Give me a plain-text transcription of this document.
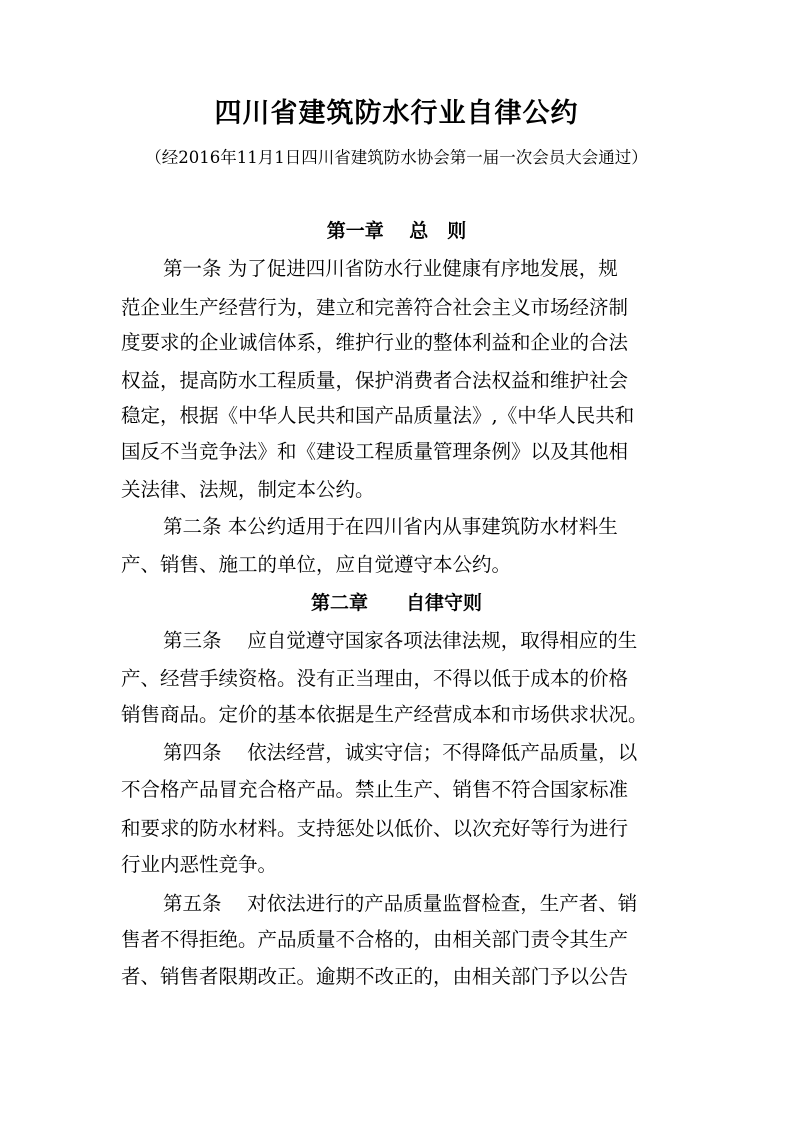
四川省建筑防水行业自律公约
（经2016年11月1日四川省建筑防水协会第一届一次会员大会通过）
第一章　 总　则
第一条 为了促进四川省防水行业健康有序地发展，规
范企业生产经营行为，建立和完善符合社会主义市场经济制
度要求的企业诚信体系，维护行业的整体利益和企业的合法
权益，提高防水工程质量，保护消费者合法权益和维护社会
稳定，根据《中华人民共和国产品质量法》,《中华人民共和
国反不当竞争法》和《建设工程质量管理条例》以及其他相
关法律、法规，制定本公约。
第二条 本公约适用于在四川省内从事建筑防水材料生
产、销售、施工的单位，应自觉遵守本公约。
第二章　　自律守则
第三条　 应自觉遵守国家各项法律法规，取得相应的生
产、经营手续资格。没有正当理由，不得以低于成本的价格
销售商品。定价的基本依据是生产经营成本和市场供求状况。
第四条　 依法经营，诚实守信；不得降低产品质量，以
不合格产品冒充合格产品。禁止生产、销售不符合国家标准
和要求的防水材料。支持惩处以低价、以次充好等行为进行
行业内恶性竞争。
第五条　 对依法进行的产品质量监督检查，生产者、销
售者不得拒绝。产品质量不合格的，由相关部门责令其生产
者、销售者限期改正。逾期不改正的，由相关部门予以公告
